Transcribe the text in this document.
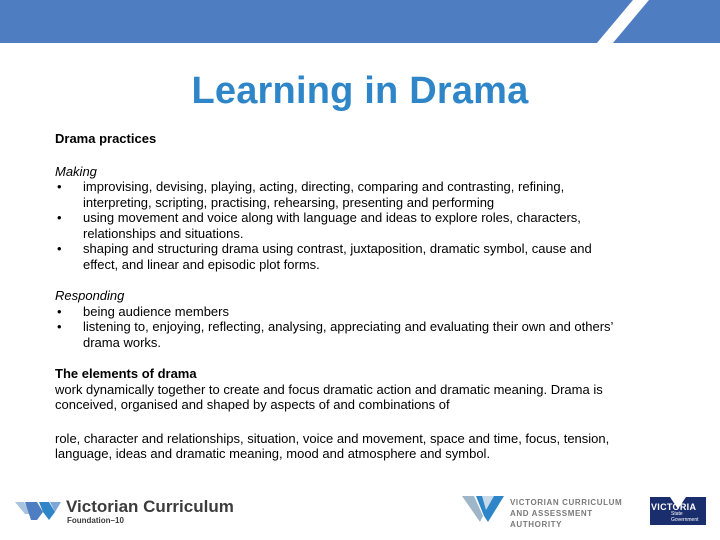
Learning in Drama

Drama practices

Making

• improvising, devising, playing, acting, directing, comparing and contrasting, refining,
interpreting, scripting, practising, rehearsing, presenting and performing
• using movement and voice along with language and ideas to explore roles, characters,
relationships and situations.
• shaping and structuring drama using contrast, juxtaposition, dramatic symbol, cause and
effect, and linear and episodic plot forms.

Responding

• being audience members
• listening to, enjoying, reflecting, analysing, appreciating and evaluating their own and others’
drama works.

The elements of drama

work dynamically together to create and focus dramatic action and dramatic meaning. Drama is

conceived, organised and shaped by aspects of and combinations of

role, character and relationships, situation, voice and movement, space and time, focus, tension,

language, ideas and dramatic meaning, mood and atmosphere and symbol.

Victorian Curriculum
Foundation–10
VICTORIAN CURRICULUM
AND ASSESSMENT AUTHORITY
VICTORIA
State
Government
